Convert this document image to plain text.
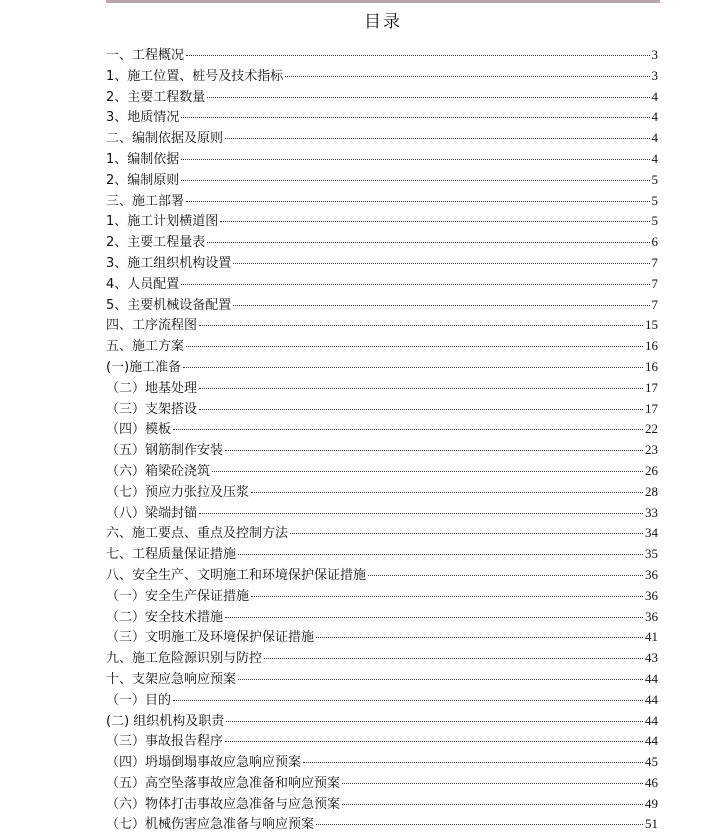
目录
一、工程概况	3
1、施工位置、桩号及技术指标	3
2、主要工程数量	4
3、地质情况	4
二、编制依据及原则	4
1、编制依据	4
2、编制原则	5
三、施工部署	5
1、施工计划横道图	5
2、主要工程量表	6
3、施工组织机构设置	7
4、人员配置	7
5、主要机械设备配置	7
四、工序流程图	15
五、施工方案	16
(一)施工准备	16
（二）地基处理	17
（三）支架搭设	17
（四）模板	22
（五）钢筋制作安装	23
（六）箱梁砼浇筑	26
（七）预应力张拉及压浆	28
（八）梁端封锚	33
六、施工要点、重点及控制方法	34
七、工程质量保证措施	35
八、安全生产、文明施工和环境保护保证措施	36
（一）安全生产保证措施	36
（二）安全技术措施	36
（三）文明施工及环境保护保证措施	41
九、施工危险源识别与防控	43
十、支架应急响应预案	44
（一）目的	44
(二) 组织机构及职责	44
（三）事故报告程序	44
（四）坍塌倒塌事故应急响应预案	45
（五）高空坠落事故应急准备和响应预案	46
（六）物体打击事故应急准备与应急预案	49
（七）机械伤害应急准备与响应预案	51
